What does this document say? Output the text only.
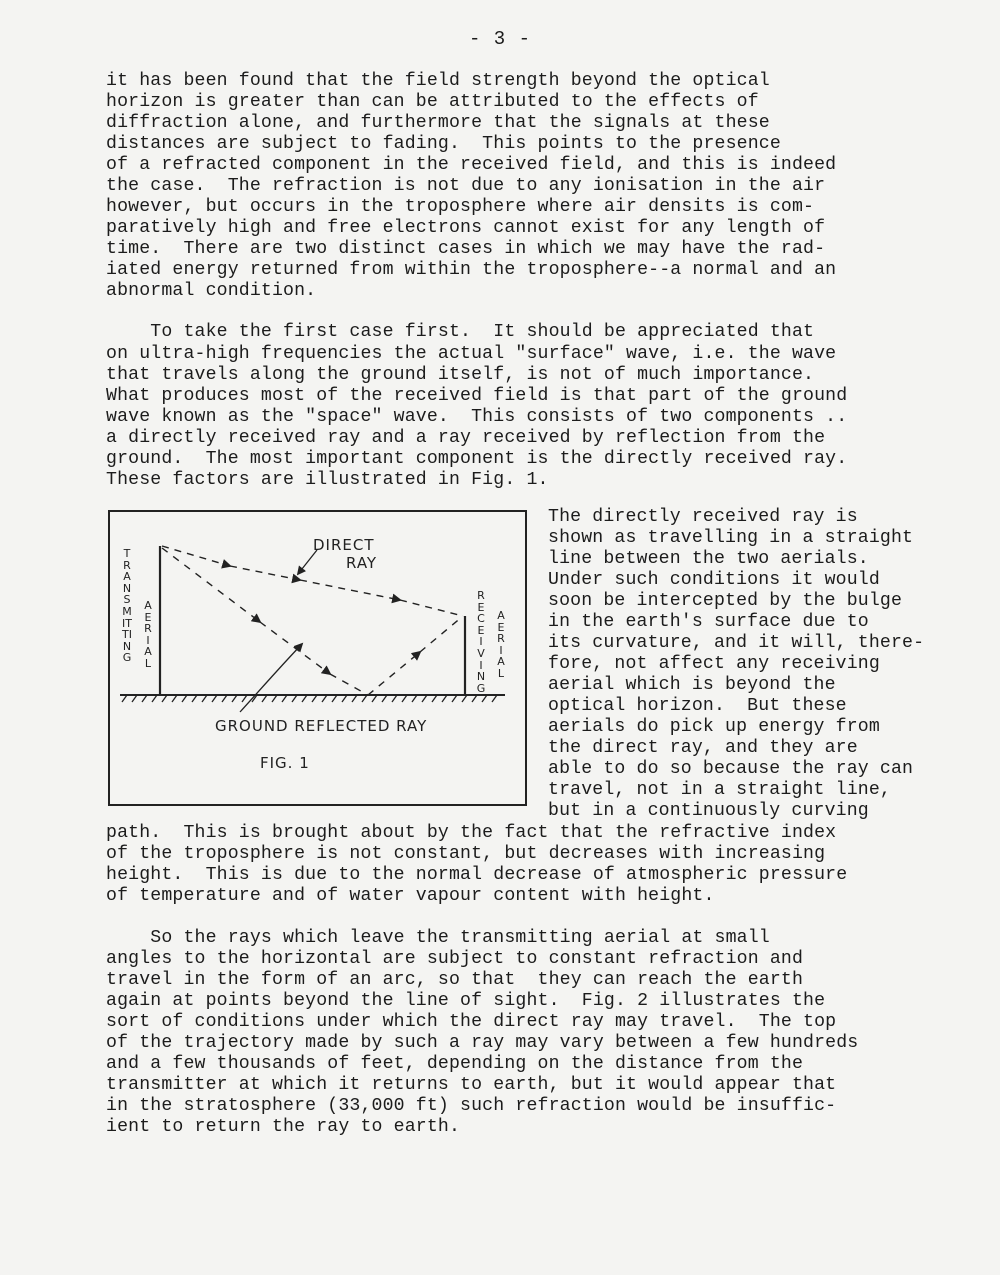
- 3 -
it has been found that the field strength beyond the optical
horizon is greater than can be attributed to the effects of
diffraction alone, and furthermore that the signals at these
distances are subject to fading.  This points to the presence
of a refracted component in the received field, and this is indeed
the case.  The refraction is not due to any ionisation in the air
however, but occurs in the troposphere where air densits is com-
paratively high and free electrons cannot exist for any length of
time.  There are two distinct cases in which we may have the rad-
iated energy returned from within the troposphere--a normal and an
abnormal condition.
To take the first case first.  It should be appreciated that
on ultra-high frequencies the actual "surface" wave, i.e. the wave
that travels along the ground itself, is not of much importance.
What produces most of the received field is that part of the ground
wave known as the "space" wave.  This consists of two components ..
a directly received ray and a ray received by reflection from the
ground.  The most important component is the directly received ray.
These factors are illustrated in Fig. 1.
DIRECT
RAY
GROUND REFLECTED RAY
FIG. 1
TRANSMITTING
AERIAL
RECEIVING
AERIAL
The directly received ray is
shown as travelling in a straight
line between the two aerials.
Under such conditions it would
soon be intercepted by the bulge
in the earth's surface due to
its curvature, and it will, there-
fore, not affect any receiving
aerial which is beyond the
optical horizon.  But these
aerials do pick up energy from
the direct ray, and they are
able to do so because the ray can
travel, not in a straight line,
but in a continuously curving
path.  This is brought about by the fact that the refractive index
of the troposphere is not constant, but decreases with increasing
height.  This is due to the normal decrease of atmospheric pressure
of temperature and of water vapour content with height.
So the rays which leave the transmitting aerial at small
angles to the horizontal are subject to constant refraction and
travel in the form of an arc, so that  they can reach the earth
again at points beyond the line of sight.  Fig. 2 illustrates the
sort of conditions under which the direct ray may travel.  The top
of the trajectory made by such a ray may vary between a few hundreds
and a few thousands of feet, depending on the distance from the
transmitter at which it returns to earth, but it would appear that
in the stratosphere (33,000 ft) such refraction would be insuffic-
ient to return the ray to earth.
